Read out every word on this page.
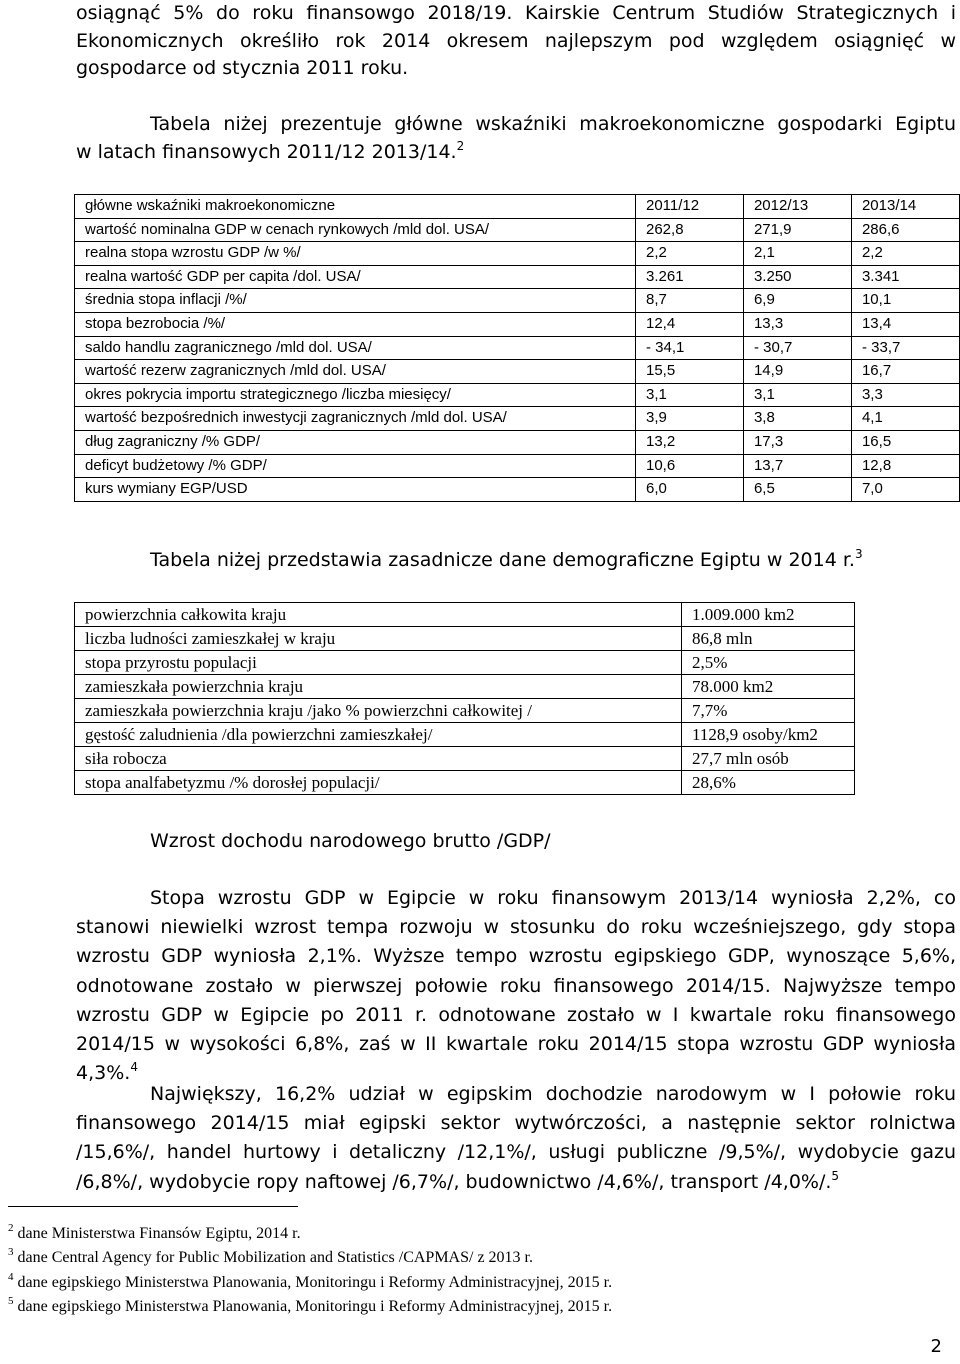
osiągnąć 5% do roku finansowgo 2018/19. Kairskie Centrum Studiów Strategicznych i
Ekonomicznych określiło rok 2014 okresem najlepszym pod względem osiągnięć w
gospodarce od stycznia 2011 roku.
Tabela niżej prezentuje główne wskaźniki makroekonomiczne gospodarki Egiptu
w latach finansowych 2011/12 2013/14.$^2$
główne wskaźniki makroekonomiczne	2011/12	2012/13	2013/14
wartość nominalna GDP w cenach rynkowych /mld dol. USA/	262,8	271,9	286,6
realna stopa wzrostu GDP /w %/	2,2	2,1	2,2
realna wartość GDP per capita /dol. USA/	3.261	3.250	3.341
średnia stopa inflacji /%/	8,7	6,9	10,1
stopa bezrobocia /%/	12,4	13,3	13,4
saldo handlu zagranicznego /mld dol. USA/	- 34,1	- 30,7	- 33,7
wartość rezerw zagranicznych /mld dol. USA/	15,5	14,9	16,7
okres pokrycia importu strategicznego /liczba miesięcy/	3,1	3,1	3,3
wartość bezpośrednich inwestycji zagranicznych /mld dol. USA/	3,9	3,8	4,1
dług zagraniczny /% GDP/	13,2	17,3	16,5
deficyt budżetowy /% GDP/	10,6	13,7	12,8
kurs wymiany EGP/USD	6,0	6,5	7,0
Tabela niżej przedstawia zasadnicze dane demograficzne Egiptu w 2014 r.$^3$
powierzchnia całkowita kraju	1.009.000 km2
liczba ludności zamieszkałej w kraju	86,8 mln
stopa przyrostu populacji	2,5%
zamieszkała powierzchnia kraju	78.000 km2
zamieszkała powierzchnia kraju /jako % powierzchni całkowitej /	7,7%
gęstość zaludnienia /dla powierzchni zamieszkałej/	1128,9 osoby/km2
siła robocza	27,7 mln osób
stopa analfabetyzmu /% dorosłej populacji/	28,6%
Wzrost dochodu narodowego brutto /GDP/
Stopa wzrostu GDP w Egipcie w roku finansowym 2013/14 wyniosła 2,2%, co
stanowi niewielki wzrost tempa rozwoju w stosunku do roku wcześniejszego, gdy stopa
wzrostu GDP wyniosła 2,1%. Wyższe tempo wzrostu egipskiego GDP, wynoszące 5,6%,
odnotowane zostało w pierwszej połowie roku finansowego 2014/15. Najwyższe tempo
wzrostu GDP w Egipcie po 2011 r. odnotowane zostało w I kwartale roku finansowego
2014/15 w wysokości 6,8%, zaś w II kwartale roku 2014/15 stopa wzrostu GDP wyniosła
4,3%.$^4$
Największy, 16,2% udział w egipskim dochodzie narodowym w I połowie roku
finansowego 2014/15 miał egipski sektor wytwórczości, a następnie sektor rolnictwa
/15,6%/, handel hurtowy i detaliczny /12,1%/, usługi publiczne /9,5%/, wydobycie gazu
/6,8%/, wydobycie ropy naftowej /6,7%/, budownictwo /4,6%/, transport /4,0%/.$^5$
$^2$ dane Ministerstwa Finansów Egiptu, 2014 r.
$^3$ dane Central Agency for Public Mobilization and Statistics /CAPMAS/ z 2013 r.
$^4$ dane egipskiego Ministerstwa Planowania, Monitoringu i Reformy Administracyjnej, 2015 r.
$^5$ dane egipskiego Ministerstwa Planowania, Monitoringu i Reformy Administracyjnej, 2015 r.
2
